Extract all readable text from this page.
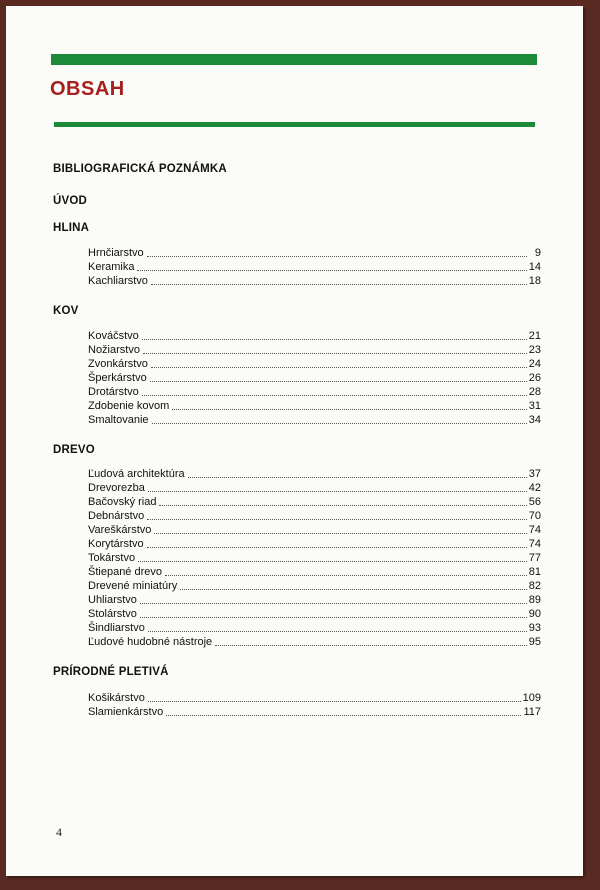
OBSAH
BIBLIOGRAFICKÁ POZNÁMKA
ÚVOD
HLINA
Hrnčiarstvo	9
Keramika	14
Kachliarstvo	18
KOV
Kováčstvo	21
Nožiarstvo	23
Zvonkárstvo	24
Šperkárstvo	26
Drotárstvo	28
Zdobenie kovom	31
Smaltovanie	34
DREVO
Ľudová architektúra	37
Drevorezba	42
Bačovský riad	56
Debnárstvo	70
Vareškárstvo	74
Korytárstvo	74
Tokárstvo	77
Štiepané drevo	81
Drevené miniatúry	82
Uhliarstvo	89
Stolárstvo	90
Šindliarstvo	93
Ľudové hudobné nástroje	95
PRÍRODNÉ PLETIVÁ
Košikárstvo	109
Slamienkárstvo	117
4
